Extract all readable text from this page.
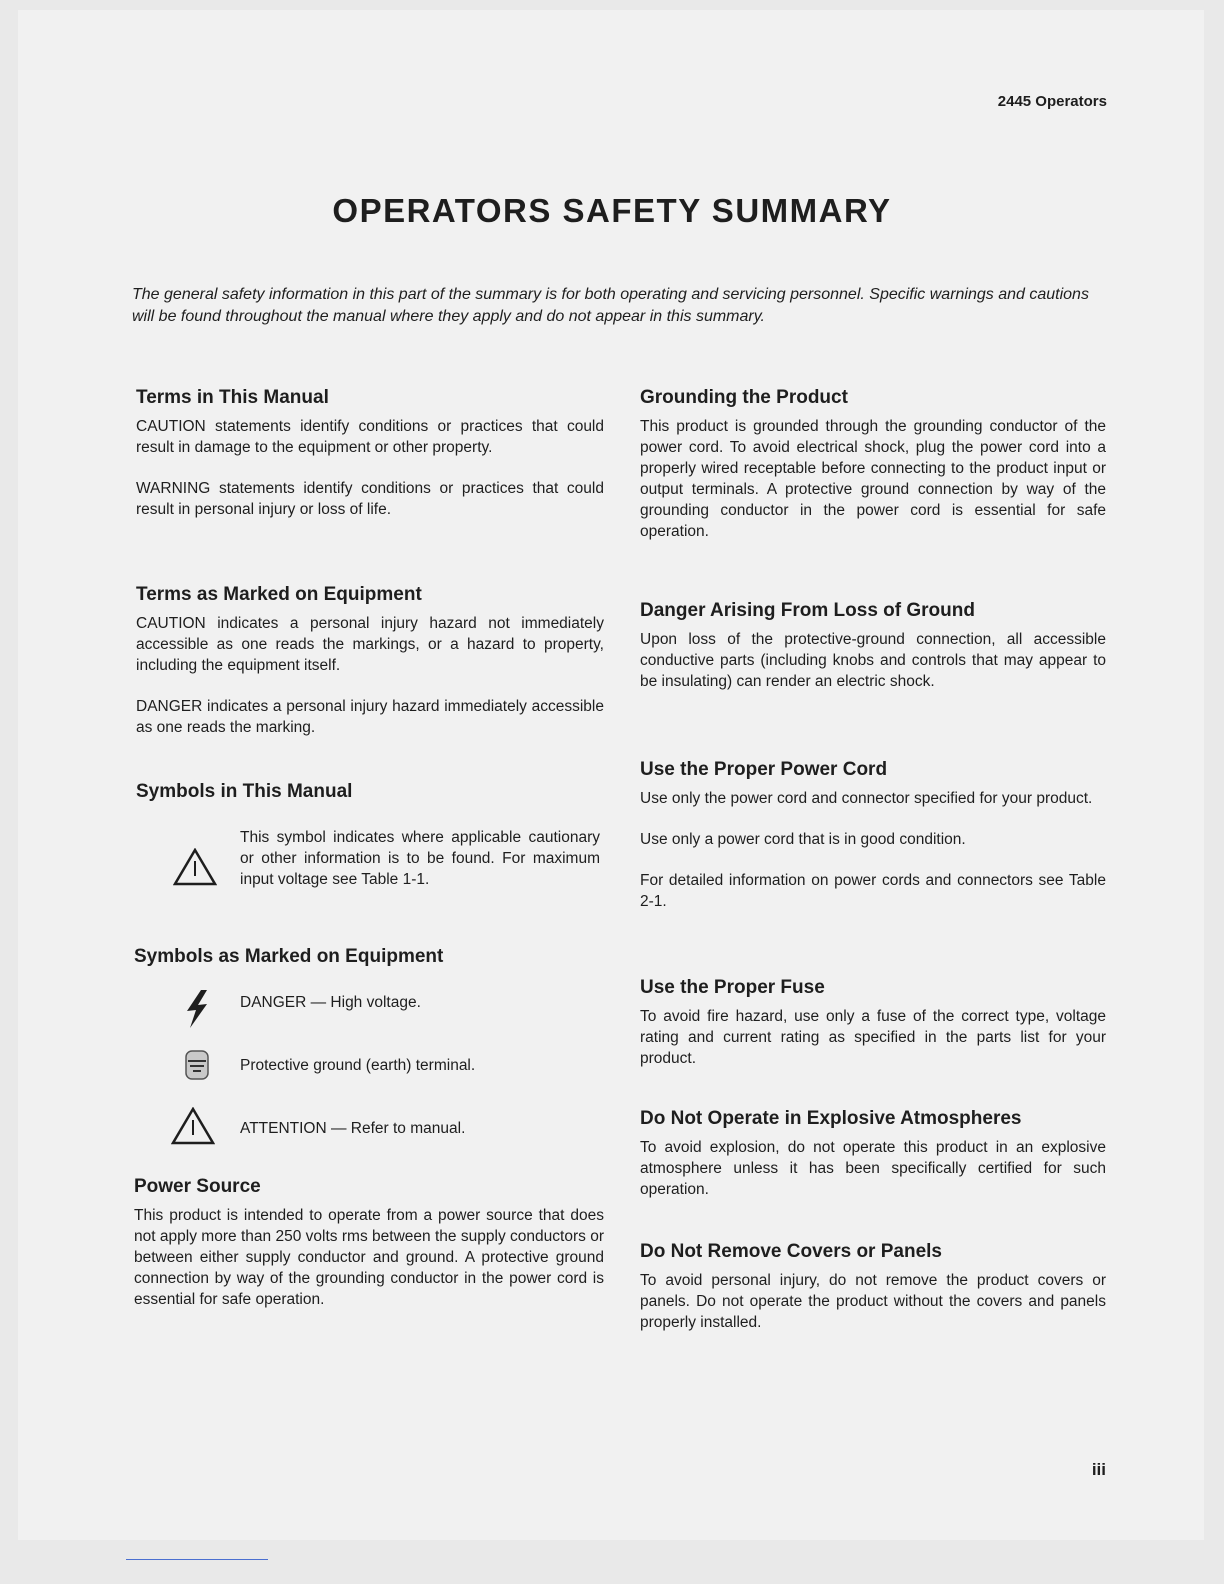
2445 Operators
OPERATORS SAFETY SUMMARY
The general safety information in this part of the summary is for both operating and servicing personnel. Specific warnings and cautions will be found throughout the manual where they apply and do not appear in this summary.
Terms in This Manual

CAUTION statements identify conditions or practices that could result in damage to the equipment or other property.

WARNING statements identify conditions or practices that could result in personal injury or loss of life.

Terms as Marked on Equipment

CAUTION indicates a personal injury hazard not immediately accessible as one reads the markings, or a hazard to property, including the equipment itself.

DANGER indicates a personal injury hazard immediately accessible as one reads the marking.

Symbols in This Manual

This symbol indicates where applicable cautionary or other information is to be found. For maximum input voltage see Table 1-1.

Symbols as Marked on Equipment
DANGER — High voltage.
Protective ground (earth) terminal.
ATTENTION — Refer to manual.
Power Source

This product is intended to operate from a power source that does not apply more than 250 volts rms between the supply conductors or between either supply conductor and ground. A protective ground connection by way of the grounding conductor in the power cord is essential for safe operation.

Grounding the Product

This product is grounded through the grounding conductor of the power cord. To avoid electrical shock, plug the power cord into a properly wired receptable before connecting to the product input or output terminals. A protective ground connection by way of the grounding conductor in the power cord is essential for safe operation.

Danger Arising From Loss of Ground

Upon loss of the protective-ground connection, all accessible conductive parts (including knobs and controls that may appear to be insulating) can render an electric shock.

Use the Proper Power Cord

Use only the power cord and connector specified for your product.

Use only a power cord that is in good condition.

For detailed information on power cords and connectors see Table 2-1.

Use the Proper Fuse

To avoid fire hazard, use only a fuse of the correct type, voltage rating and current rating as specified in the parts list for your product.

Do Not Operate in Explosive Atmospheres

To avoid explosion, do not operate this product in an explosive atmosphere unless it has been specifically certified for such operation.

Do Not Remove Covers or Panels

To avoid personal injury, do not remove the product covers or panels. Do not operate the product without the covers and panels properly installed.

iii
